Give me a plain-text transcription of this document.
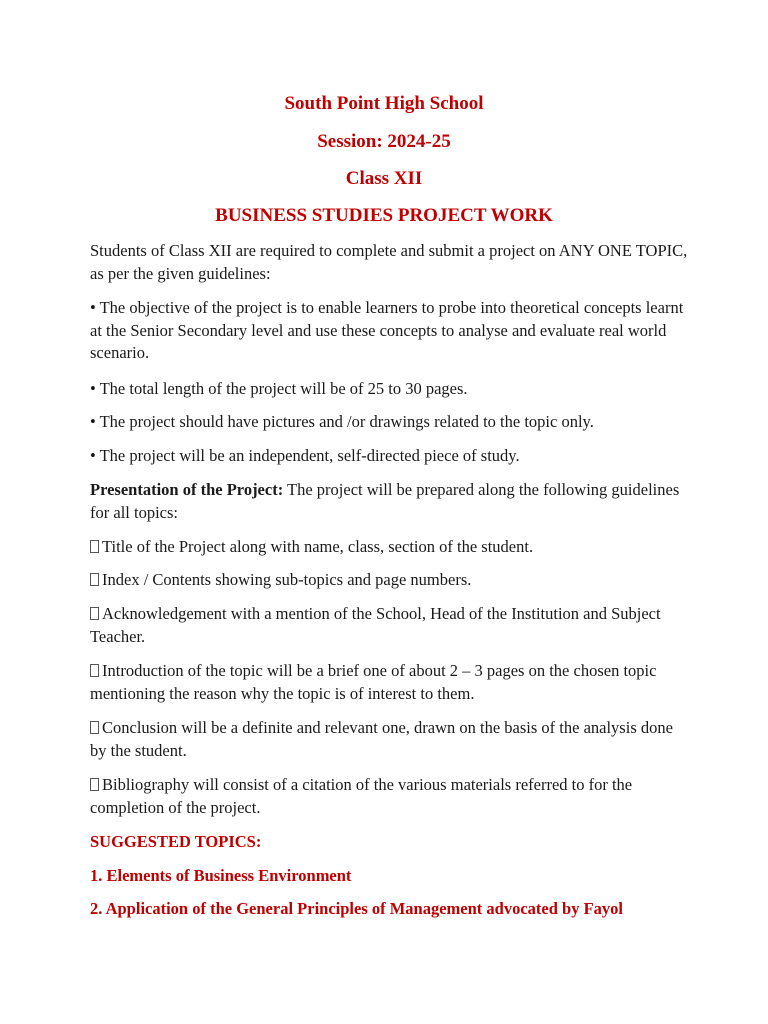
South Point High School
Session: 2024-25
Class XII
BUSINESS STUDIES PROJECT WORK
Students of Class XII are required to complete and submit a project on ANY ONE TOPIC, as per the given guidelines:
• The objective of the project is to enable learners to probe into theoretical concepts learnt at the Senior Secondary level and use these concepts to analyse and evaluate real world scenario.
• The total length of the project will be of 25 to 30 pages.
• The project should have pictures and /or drawings related to the topic only.
• The project will be an independent, self-directed piece of study.
Presentation of the Project: The project will be prepared along the following guidelines for all topics:
Title of the Project along with name, class, section of the student.
Index / Contents showing sub-topics and page numbers.
Acknowledgement with a mention of the School, Head of the Institution and Subject Teacher.
Introduction of the topic will be a brief one of about 2 – 3 pages on the chosen topic mentioning the reason why the topic is of interest to them.
Conclusion will be a definite and relevant one, drawn on the basis of the analysis done by the student.
Bibliography will consist of a citation of the various materials referred to for the completion of the project.
SUGGESTED TOPICS:
1. Elements of Business Environment
2. Application of the General Principles of Management advocated by Fayol
